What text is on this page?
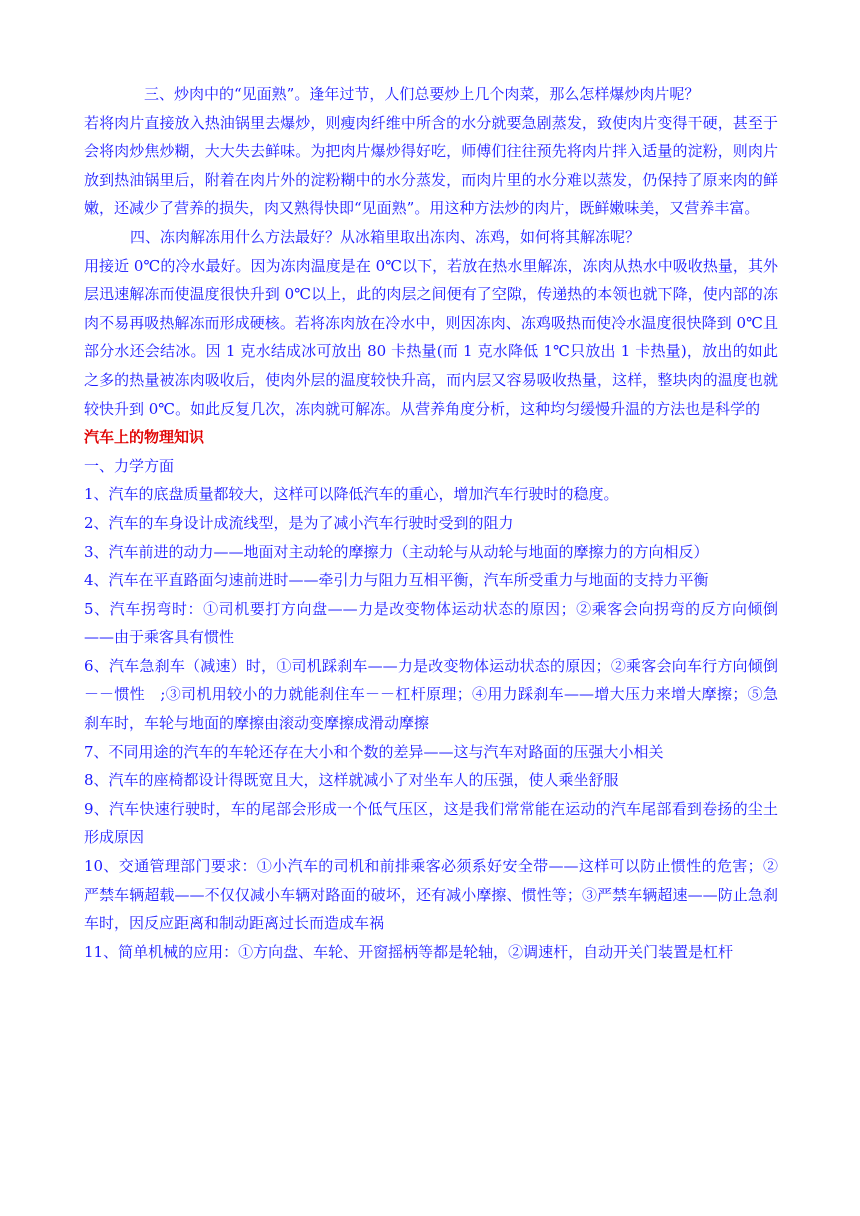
三、炒肉中的“见面熟”。逢年过节，人们总要炒上几个肉菜，那么怎样爆炒肉片呢？

若将肉片直接放入热油锅里去爆炒，则瘦肉纤维中所含的水分就要急剧蒸发，致使肉片变得干硬，甚至于会将肉炒焦炒糊，大大失去鲜味。为把肉片爆炒得好吃，师傅们往往预先将肉片拌入适量的淀粉，则肉片放到热油锅里后，附着在肉片外的淀粉糊中的水分蒸发，而肉片里的水分难以蒸发，仍保持了原来肉的鲜嫩，还减少了营养的损失，肉又熟得快即“见面熟”。用这种方法炒的肉片，既鲜嫩味美，又营养丰富。

四、冻肉解冻用什么方法最好？从冰箱里取出冻肉、冻鸡，如何将其解冻呢？

用接近 0℃的冷水最好。因为冻肉温度是在 0℃以下，若放在热水里解冻，冻肉从热水中吸收热量，其外层迅速解冻而使温度很快升到 0℃以上，此的肉层之间便有了空隙，传递热的本领也就下降，使内部的冻肉不易再吸热解冻而形成硬核。若将冻肉放在冷水中，则因冻肉、冻鸡吸热而使冷水温度很快降到 0℃且部分水还会结冰。因 1 克水结成冰可放出 80 卡热量(而 1 克水降低 1℃只放出 1 卡热量)，放出的如此之多的热量被冻肉吸收后，使肉外层的温度较快升高，而内层又容易吸收热量，这样，整块肉的温度也就较快升到 0℃。如此反复几次，冻肉就可解冻。从营养角度分析，这种均匀缓慢升温的方法也是科学的

汽车上的物理知识

一、力学方面

1、汽车的底盘质量都较大，这样可以降低汽车的重心，增加汽车行驶时的稳度。

2、汽车的车身设计成流线型，是为了减小汽车行驶时受到的阻力

3、汽车前进的动力——地面对主动轮的摩擦力（主动轮与从动轮与地面的摩擦力的方向相反）

4、汽车在平直路面匀速前进时——牵引力与阻力互相平衡，汽车所受重力与地面的支持力平衡

5、汽车拐弯时：①司机要打方向盘——力是改变物体运动状态的原因；②乘客会向拐弯的反方向倾倒——由于乘客具有惯性

6、汽车急刹车（减速）时，①司机踩刹车——力是改变物体运动状态的原因；②乘客会向车行方向倾倒－－惯性　;③司机用较小的力就能刹住车－－杠杆原理；④用力踩刹车——增大压力来增大摩擦；⑤急刹车时，车轮与地面的摩擦由滚动变摩擦成滑动摩擦

7、不同用途的汽车的车轮还存在大小和个数的差异——这与汽车对路面的压强大小相关

8、汽车的座椅都设计得既宽且大，这样就减小了对坐车人的压强，使人乘坐舒服

9、汽车快速行驶时，车的尾部会形成一个低气压区，这是我们常常能在运动的汽车尾部看到卷扬的尘土形成原因

10、交通管理部门要求：①小汽车的司机和前排乘客必须系好安全带——这样可以防止惯性的危害；②严禁车辆超载——不仅仅减小车辆对路面的破坏，还有减小摩擦、惯性等；③严禁车辆超速——防止急刹车时，因反应距离和制动距离过长而造成车祸

11、简单机械的应用：①方向盘、车轮、开窗摇柄等都是轮轴，②调速杆，自动开关门装置是杠杆
